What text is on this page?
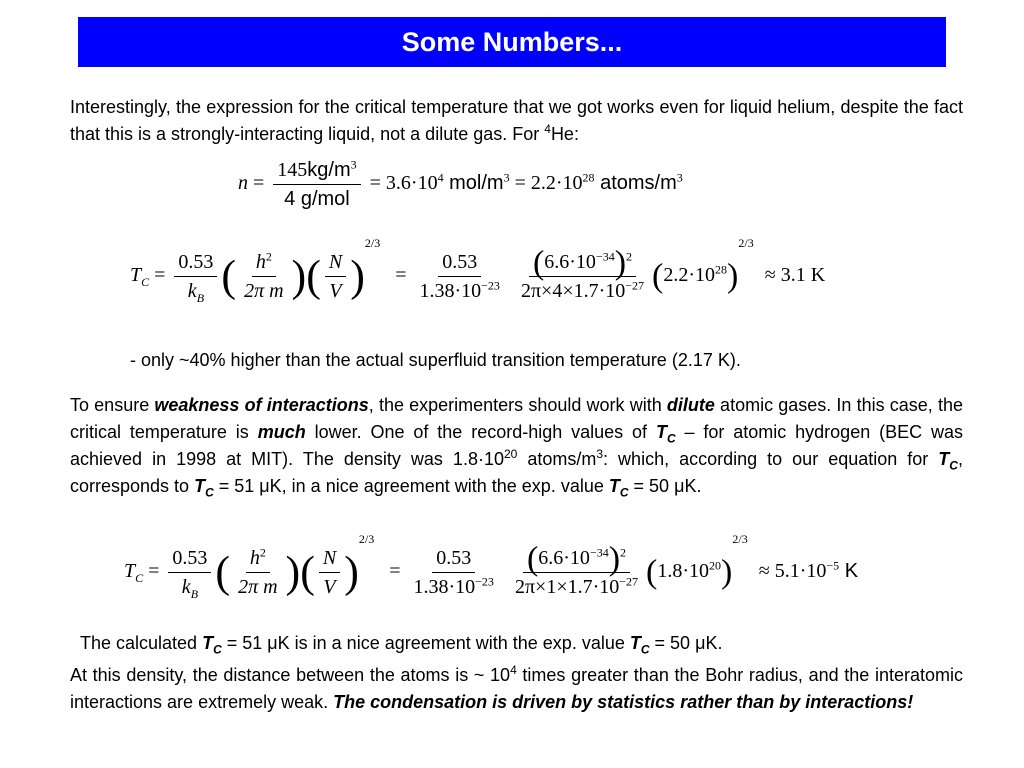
Some Numbers...
Interestingly, the expression for the critical temperature that we got works even for liquid helium, despite the fact that this is a strongly-interacting liquid, not a dilute gas. For $^4$He:
$n = \frac{145kg/m^3}{\text{4 g/mol}} = 3.6\cdot 10^4$ mol/$m^3 = 2.2\cdot 10^{28}$ atoms/$m^3$
$T_C = \frac{0.53}{k_B}$ ( $\frac{h^2}{\text{2π m}}$ )( $\frac{N}{V} )^{2/3} = \frac{0.53}{1.38\cdot 10^{-23}}$
$\frac{(6.6\cdot 10^{-34})^2}{2\pi\times 4\times 1.7\cdot 10^{-27}} (2.2\cdot 10^{28})^{2/3} \approx 3.1$ K
- only ~40% higher than the actual superfluid transition temperature (2.17 K).
To ensure weakness of interactions, the experimenters should work with dilute atomic gases. In this case, the critical temperature is much lower. One of the record-high values of $T_C$ – for atomic hydrogen (BEC was achieved in 1998 at MIT). The density was $1.8\cdot 10^{20}$ atoms/$m^3$: which, according to our equation for $T_C$, corresponds to $T_C = 51$ μK, in a nice agreement with the exp. value $T_C = 50$ μK.
$T_C = \frac{0.53}{k_B}$ ( $\frac{h^2}{\text{2π m}}$ )( $\frac{N}{V} )^{2/3} = \frac{0.53}{1.38\cdot 10^{-23}}$
$\frac{(6.6\cdot 10^{-34})^2}{2\pi\times 1\times 1.7\cdot 10^{-27}} (1.8\cdot 10^{20})^{2/3} \approx 5.1\cdot 10^{-5}$ K
The calculated $T_C = 51$ μK is in a nice agreement with the exp. value $T_C = 50$ μK.
At this density, the distance between the atoms is ~ $10^4$ times greater than the Bohr radius, and the interatomic interactions are extremely weak. The condensation is driven by statistics rather than by interactions!
